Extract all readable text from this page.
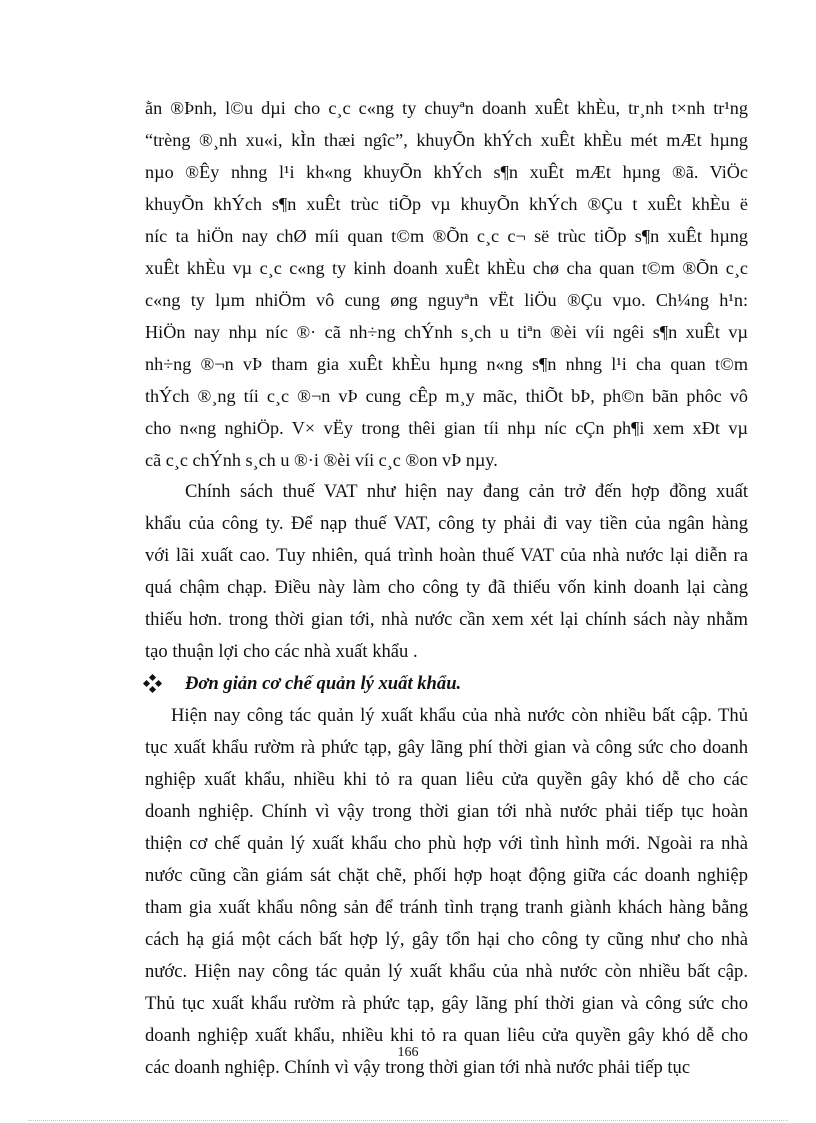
ằn ®Þnh, l©u dµi cho c¸c c«ng ty chuyªn doanh xuÊt khÈu, tr¸nh t×nh tr¹ng
“trèng ®¸nh xu«i, kÌn thæi ngîc”, khuyÕn khÝch xuÊt khÈu mét mÆt hµng
nµo ®Êy nhng l¹i kh«ng khuyÕn khÝch s¶n xuÊt mÆt hµng ®ã. ViÖc
khuyÕn khÝch s¶n xuÊt trùc tiÕp vµ khuyÕn khÝch ®Çu t xuÊt khÈu ë
níc ta hiÖn nay chØ míi quan t©m ®Õn c¸c c¬ së trùc tiÕp s¶n xuÊt hµng
xuÊt khÈu vµ c¸c c«ng ty kinh doanh xuÊt khÈu chø cha quan t©m ®Õn c¸c
c«ng ty lµm nhiÖm vô cung øng nguyªn vËt liÖu ®Çu vµo. Ch¼ng h¹n:
HiÖn nay nhµ níc ®· cã nh÷ng chÝnh s¸ch u tiªn ®èi víi ngêi s¶n xuÊt vµ
nh÷ng ®¬n vÞ tham gia xuÊt khÈu hµng n«ng s¶n nhng l¹i cha quan t©m
thÝch ®¸ng tíi c¸c ®¬n vÞ cung cÊp m¸y mãc, thiÕt bÞ, ph©n bãn phôc vô
cho n«ng nghiÖp. V× vËy trong thêi gian tíi nhµ níc cÇn ph¶i xem xÐt vµ
cã c¸c chÝnh s¸ch u ®·i ®èi víi c¸c ®on vÞ nµy.
Chính sách thuế VAT như hiện nay đang cản trở đến hợp đồng xuất
khẩu của công ty. Để nạp thuế VAT, công ty phải đi vay tiền của ngân hàng
với lãi xuất cao. Tuy nhiên, quá trình hoàn thuế VAT của nhà nước lại diễn ra
quá chậm chạp. Điều này làm cho công ty đã thiếu vốn kinh doanh lại càng
thiếu hơn. trong thời gian tới, nhà nước cần xem xét lại chính sách này nhằm
tạo thuận lợi cho các nhà xuất khẩu .
Đơn giản cơ chế quản lý xuất khẩu.
Hiện nay công tác quản lý xuất khẩu của nhà nước còn nhiều bất cập. Thủ
tục xuất khẩu rườm rà phức tạp, gây lãng phí thời gian và công sức cho doanh
nghiệp xuất khẩu, nhiều khi tỏ ra quan liêu cửa quyền gây khó dễ cho các
doanh nghiệp. Chính vì vậy trong thời gian tới nhà nước phải tiếp tục hoàn
thiện cơ chế quản lý xuất khẩu cho phù hợp với tình hình mới. Ngoài ra nhà
nước cũng cần giám sát chặt chẽ, phối hợp hoạt động giữa các doanh nghiệp
tham gia xuất khẩu nông sản để tránh tình trạng tranh giành khách hàng bằng
cách hạ giá một cách bất hợp lý, gây tổn hại cho công ty cũng như cho nhà
nước. Hiện nay công tác quản lý xuất khẩu của nhà nước còn nhiều bất cập.
Thủ tục xuất khẩu rườm rà phức tạp, gây lãng phí thời gian và công sức cho
doanh nghiệp xuất khẩu, nhiều khi tỏ ra quan liêu cửa quyền gây khó dễ cho
các doanh nghiệp. Chính vì vậy trong thời gian tới nhà nước phải tiếp tục
166
